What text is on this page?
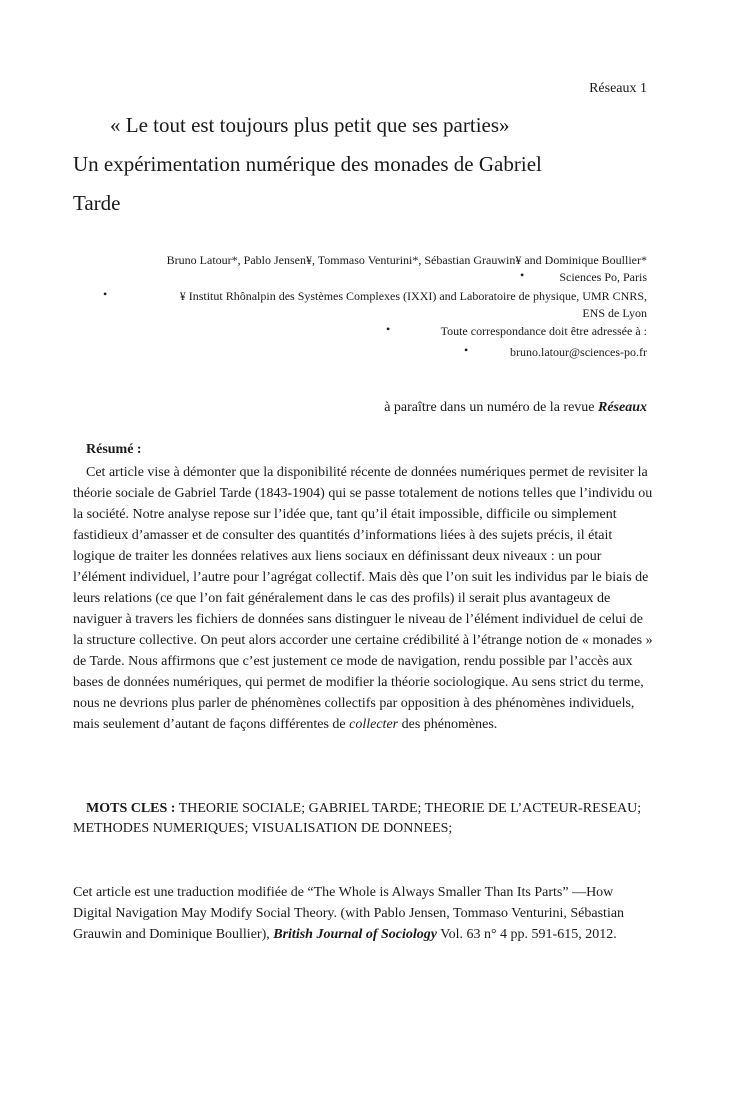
Réseaux 1
« Le tout est toujours plus petit que ses parties»
Un expérimentation numérique des monades de Gabriel
Tarde
Bruno Latour*, Pablo Jensen¥, Tommaso Venturini*, Sébastian Grauwin¥ and Dominique Boullier*
•	Sciences Po, Paris
•	¥ Institut Rhônalpin des Systèmes Complexes (IXXI) and Laboratoire de physique, UMR CNRS,
ENS de Lyon
•	Toute correspondance doit être adressée à :
•	bruno.latour@sciences-po.fr
à paraître dans un numéro de la revue Réseaux
Résumé :

Cet article vise à démonter que la disponibilité récente de données numériques permet de revisiter la théorie sociale de Gabriel Tarde (1843-1904) qui se passe totalement de notions telles que l’individu ou la société. Notre analyse repose sur l’idée que, tant qu’il était impossible, difficile ou simplement fastidieux d’amasser et de consulter des quantités d’informations liées à des sujets précis, il était logique de traiter les données relatives aux liens sociaux en définissant deux niveaux : un pour l’élément individuel, l’autre pour l’agrégat collectif. Mais dès que l’on suit les individus par le biais de leurs relations (ce que l’on fait généralement dans le cas des profils) il serait plus avantageux de naviguer à travers les fichiers de données sans distinguer le niveau de l’élément individuel de celui de la structure collective. On peut alors accorder une certaine crédibilité à l’étrange notion de « monades » de Tarde. Nous affirmons que c’est justement ce mode de navigation, rendu possible par l’accès aux bases de données numériques, qui permet de modifier la théorie sociologique. Au sens strict du terme, nous ne devrions plus parler de phénomènes collectifs par opposition à des phénomènes individuels, mais seulement d’autant de façons différentes de collecter des phénomènes.

MOTS CLES : THEORIE SOCIALE; GABRIEL TARDE; THEORIE DE L’ACTEUR-RESEAU; METHODES NUMERIQUES; VISUALISATION DE DONNEES;

Cet article est une traduction modifiée de “The Whole is Always Smaller Than Its Parts” —How Digital Navigation May Modify Social Theory. (with Pablo Jensen, Tommaso Venturini, Sébastian Grauwin and Dominique Boullier), British Journal of Sociology Vol. 63 n° 4 pp. 591-615, 2012.
